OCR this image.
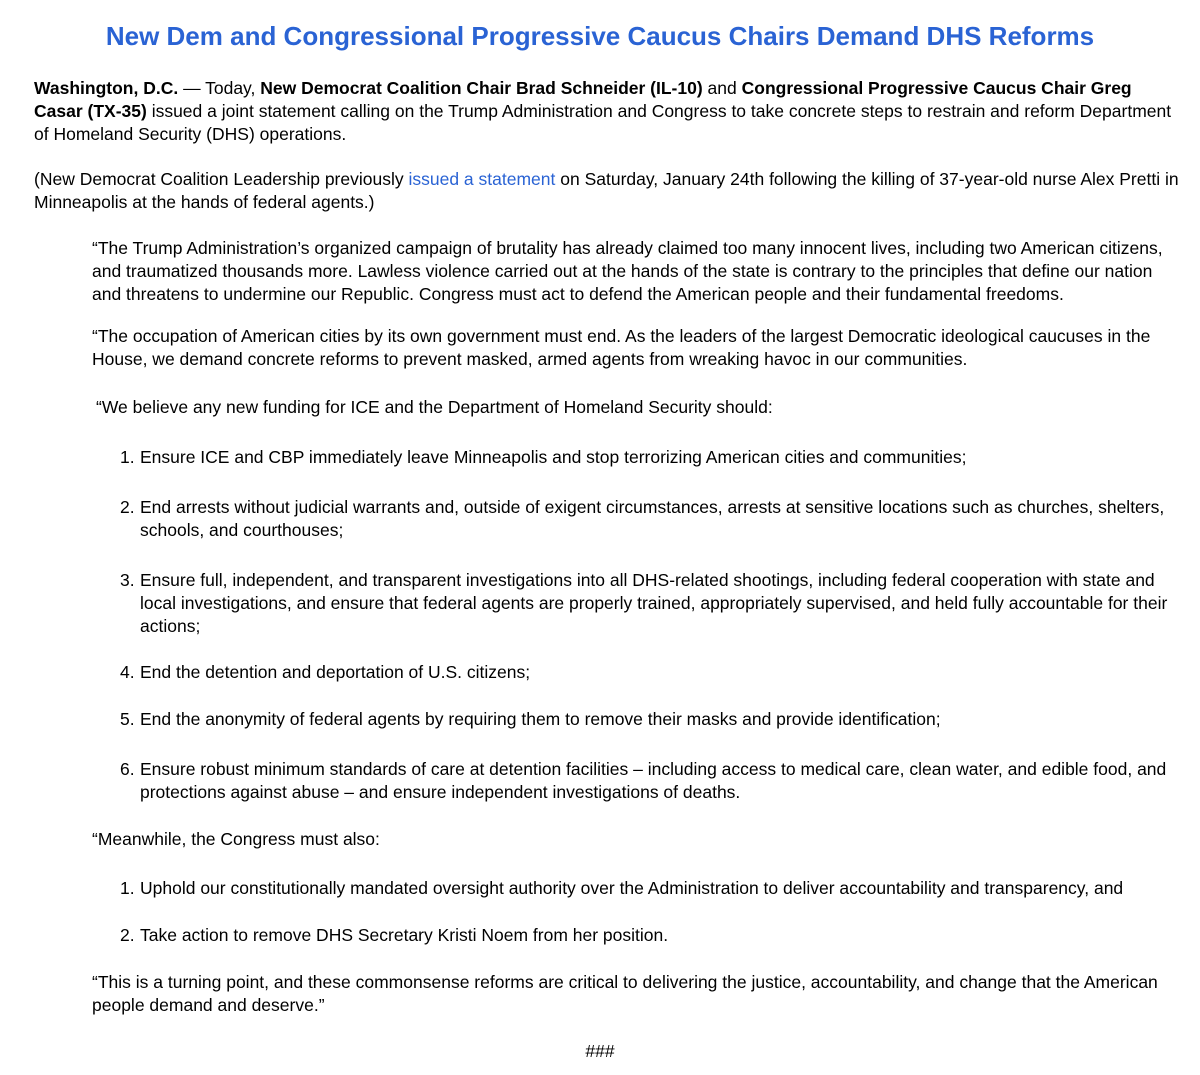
New Dem and Congressional Progressive Caucus Chairs Demand DHS Reforms

Washington, D.C. — Today, New Democrat Coalition Chair Brad Schneider (IL-10) and Congressional Progressive Caucus Chair Greg Casar (TX-35) issued a joint statement calling on the Trump Administration and Congress to take concrete steps to restrain and reform Department of Homeland Security (DHS) operations.

(New Democrat Coalition Leadership previously issued a statement on Saturday, January 24th following the killing of 37-year-old nurse Alex Pretti in Minneapolis at the hands of federal agents.)

“The Trump Administration’s organized campaign of brutality has already claimed too many innocent lives, including two American citizens, and traumatized thousands more. Lawless violence carried out at the hands of the state is contrary to the principles that define our nation and threatens to undermine our Republic. Congress must act to defend the American people and their fundamental freedoms.

“The occupation of American cities by its own government must end. As the leaders of the largest Democratic ideological caucuses in the House, we demand concrete reforms to prevent masked, armed agents from wreaking havoc in our communities.

“We believe any new funding for ICE and the Department of Homeland Security should:

1. Ensure ICE and CBP immediately leave Minneapolis and stop terrorizing American cities and communities;
2. End arrests without judicial warrants and, outside of exigent circumstances, arrests at sensitive locations such as churches, shelters, schools, and courthouses;
3. Ensure full, independent, and transparent investigations into all DHS-related shootings, including federal cooperation with state and local investigations, and ensure that federal agents are properly trained, appropriately supervised, and held fully accountable for their actions;
4. End the detention and deportation of U.S. citizens;
5. End the anonymity of federal agents by requiring them to remove their masks and provide identification;
6. Ensure robust minimum standards of care at detention facilities – including access to medical care, clean water, and edible food, and protections against abuse – and ensure independent investigations of deaths.

“Meanwhile, the Congress must also:

1. Uphold our constitutionally mandated oversight authority over the Administration to deliver accountability and transparency, and
2. Take action to remove DHS Secretary Kristi Noem from her position.

“This is a turning point, and these commonsense reforms are critical to delivering the justice, accountability, and change that the American people demand and deserve.”

###
